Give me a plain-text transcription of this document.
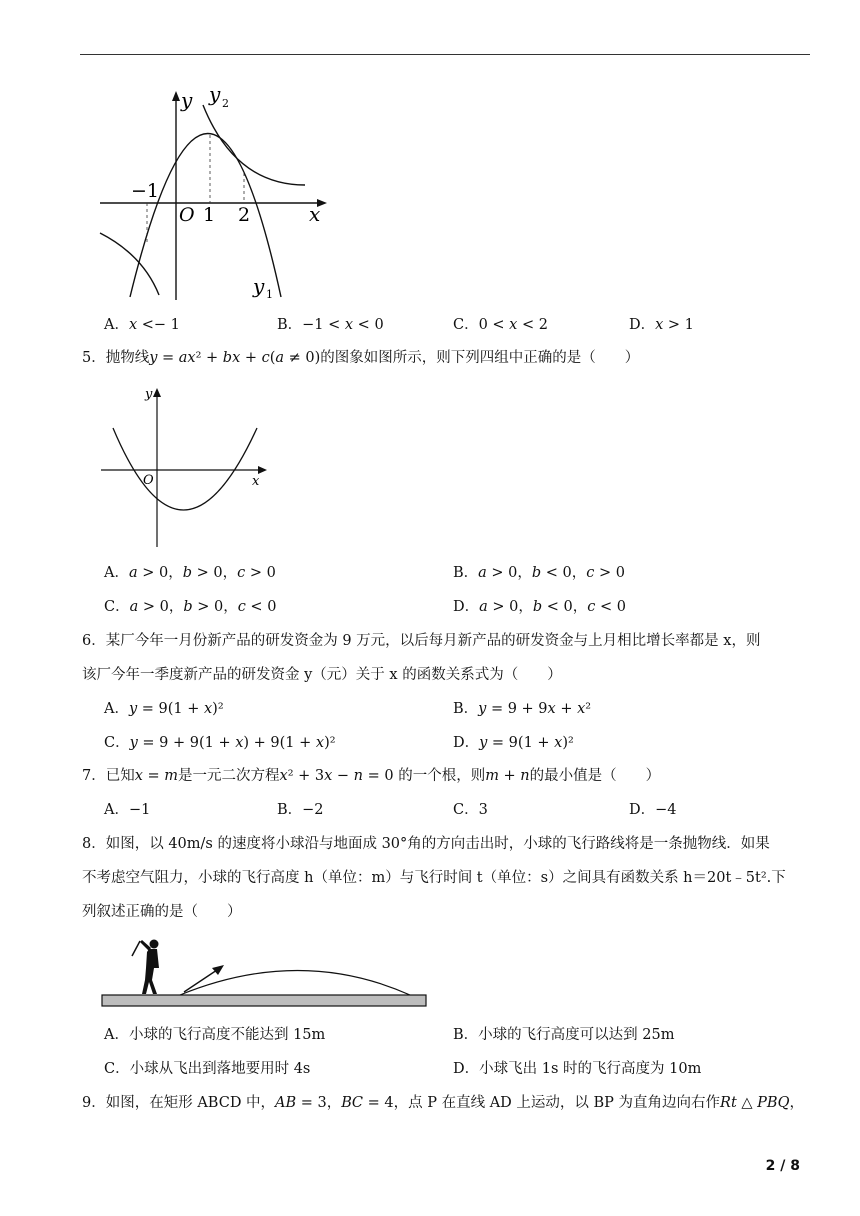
y y 2
y 1
x
O 1 2
−1
A．𝑥 <− 1	B．−1 < 𝑥 < 0	C．0 < 𝑥 < 2	D．𝑥 > 1
5．抛物线𝑦 = 𝑎𝑥² + 𝑏𝑥 + 𝑐(𝑎 ≠ 0)的图象如图所示，则下列四组中正确的是（　　）
y
x
O
A．𝑎 > 0，𝑏 > 0，𝑐 > 0	B．𝑎 > 0，𝑏 < 0，𝑐 > 0
C．𝑎 > 0，𝑏 > 0，𝑐 < 0	D．𝑎 > 0，𝑏 < 0，𝑐 < 0
6．某厂今年一月份新产品的研发资金为 9 万元，以后每月新产品的研发资金与上月相比增长率都是 x，则
该厂今年一季度新产品的研发资金 y（元）关于 x 的函数关系式为（　　）
A．𝑦 = 9(1 + 𝑥)²	B．𝑦 = 9 + 9𝑥 + 𝑥²
C．𝑦 = 9 + 9(1 + 𝑥) + 9(1 + 𝑥)²	D．𝑦 = 9(1 + 𝑥)²
7．已知𝑥 = 𝑚是一元二次方程𝑥² + 3𝑥 − 𝑛 = 0 的一个根，则𝑚 + 𝑛的最小值是（　　）
A．−1	B．−2	C．3	D．−4
8．如图，以 40m/s 的速度将小球沿与地面成 30°角的方向击出时，小球的飞行路线将是一条抛物线．如果
不考虑空气阻力，小球的飞行高度 h（单位：m）与飞行时间 t（单位：s）之间具有函数关系 h＝20t﹣5t².下
列叙述正确的是（　　）
A．小球的飞行高度不能达到 15m	B．小球的飞行高度可以达到 25m
C．小球从飞出到落地要用时 4s	D．小球飞出 1s 时的飞行高度为 10m
9．如图，在矩形 ABCD 中，𝐴𝐵 = 3，𝐵𝐶 = 4，点 P 在直线 AD 上运动，以 BP 为直角边向右作𝑅𝑡 △ 𝑃𝐵𝑄，
2 / 8
